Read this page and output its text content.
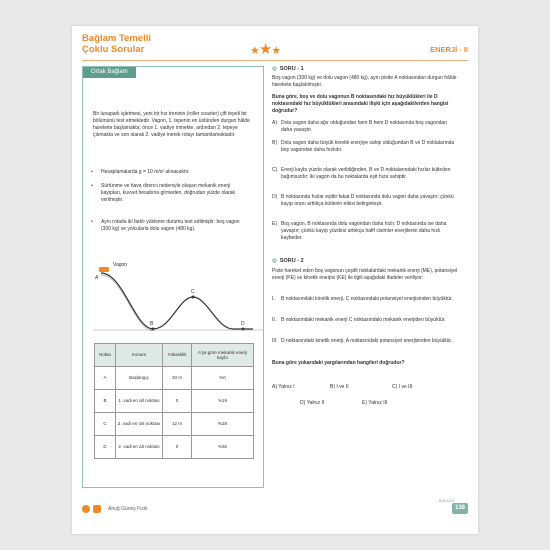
Bağlam Temelli
Çoklu Sorular	★★★	ENERJİ - II
Ortak Bağlam
Bir lunapark işletmesi, yeni bir hız treninin (roller coaster) çift tepeli bir bölümünü test etmektedir. Vagon, 1. tepenin en üstünden durgun hâlde harekete başlamakta; önce 1. vadiye inmekte, ardından 2. tepeye çıkmakta ve son olarak 2. vadiye inerek rotayı tamamlamaktadır.
• Hesaplamalarda g = 10 m/s² alınacaktır.
• Sürtünme ve hava direnci nedeniyle oluşan mekanik enerji kayıpları, kuvvet hesabına girmeden, doğrudan yüzde olarak verilmiştir.
• Aynı rotada iki farklı yükleme durumu test edilmiştir: boş vagon (300 kg) ve yolcularla dolu vagon (480 kg).
Vagon
A
B
C
D
Nokta	Konum	Yükseklik	A'ya göre mekanik enerji kaybı
A	Başlangıç	20 m	%0
B	1. vadi en alt noktası	0	%19
C	2. vadi en üst noktası	12 m	%28
D	2. vadi en alt noktası	0	%36
◎ SORU - 1
Boş vagon (300 kg) ve dolu vagon (480 kg), aynı pistte A noktasından durgun hâlde harekete başlatılmıştır.
Buna göre, boş ve dolu vagonun B noktasındaki hız büyüklükleri ile D noktasındaki hız büyüklükleri arasındaki ilişki için aşağıdakilerden hangisi doğrudur?
A) Dolu vagon daha ağır olduğundan hem B hem D noktasında boş vagondan daha yavaştır.
B) Dolu vagon daha büyük kinetik enerjiye sahip olduğundan B ve D noktalarında boş vagondan daha hızlıdır.
C) Enerji kaybı yüzde olarak verildiğinden, B ve D noktalarındaki hızlar kütleden bağımsızdır; iki vagon da bu noktalarda eşit hıza sahiptir.
D) B noktasında hızlar eşittir fakat D noktasında dolu vagon daha yavaştır; çünkü kayıp oranı arttıkça kütlenin etkisi belirginleşir.
E) Boş vagon, B noktasında dolu vagondan daha hızlı; D noktasında ise daha yavaştır; çünkü kayıp yüzdesi arttıkça hafif cisimler enerjilerini daha hızlı kaybeder.
◎ SORU - 2
Piste hareket eden boş vagonun çeşitli noktalardaki mekanik enerji (ME), potansiyel enerji (PE) ve kinetik enerjisi (KE) ile ilgili aşağıdaki ifadeler veriliyor:
I. B noktasındaki kinetik enerji, C noktasındaki potansiyel enerjisinden büyüktür.
II. B noktasındaki mekanik enerji C noktasındaki mekanik enerjiden büyüktür.
III. D noktasındaki kinetik enerji, A noktasındaki potansiyel enerjisinden büyüktür.
Buna göre yukarıdaki yargılarından hangileri doğrudur?
A) Yalnız I	B) I ve II	C) I ve III
D) Yalnız II	E) Yalnız III
Ahuğ Güneş Fizik
B-E-D-K
138
